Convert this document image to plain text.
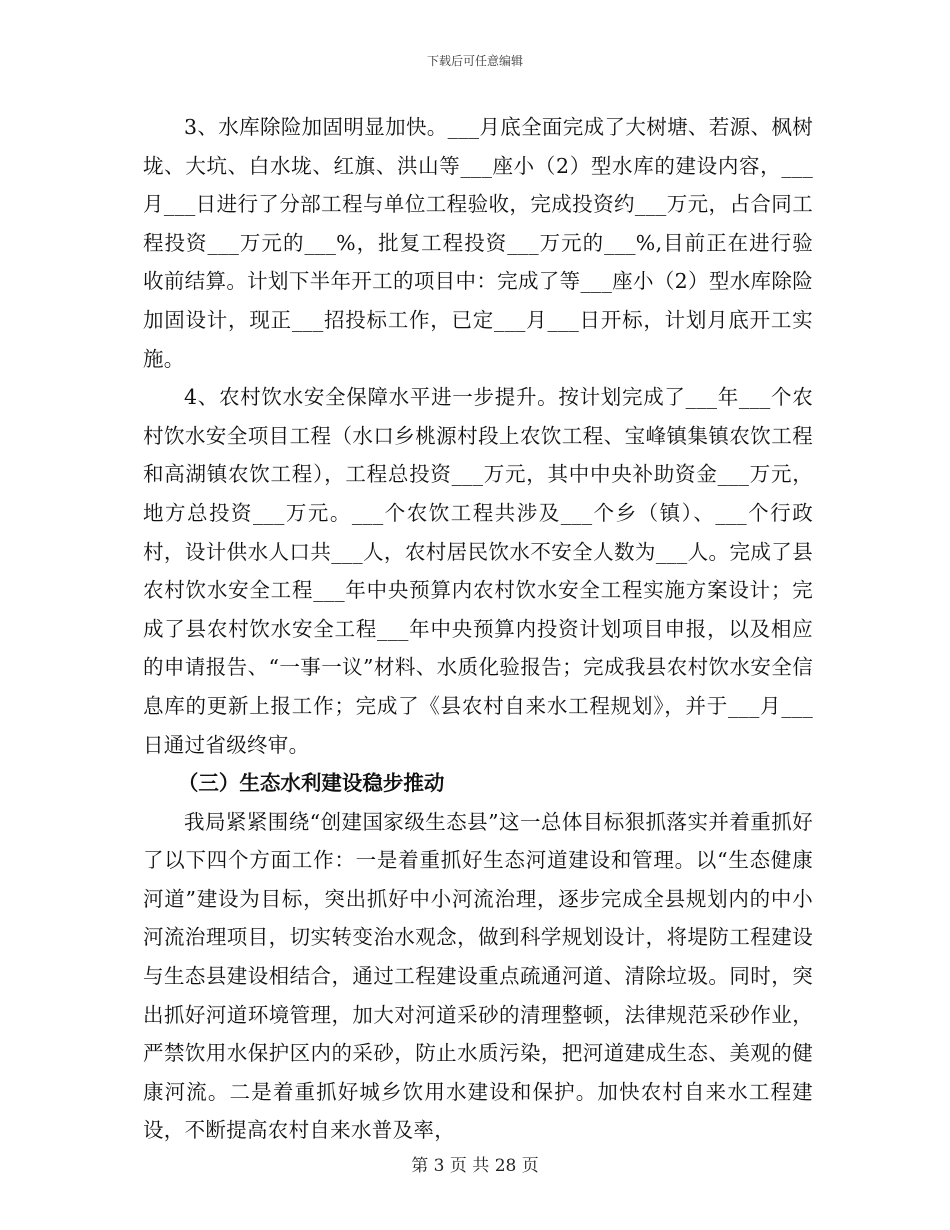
下载后可任意编辑

3、水库除险加固明显加快。___月底全面完成了大树塘、若源、枫树垅、大坑、白水垅、红旗、洪山等___座小（2）型水库的建设内容，___月___日进行了分部工程与单位工程验收，完成投资约___万元，占合同工程投资___万元的___%，批复工程投资___万元的___%,目前正在进行验收前结算。计划下半年开工的项目中：完成了等___座小（2）型水库除险加固设计，现正___招投标工作，已定___月___日开标，计划月底开工实施。

4、农村饮水安全保障水平进一步提升。按计划完成了___年___个农村饮水安全项目工程（水口乡桃源村段上农饮工程、宝峰镇集镇农饮工程和高湖镇农饮工程），工程总投资___万元，其中中央补助资金___万元，地方总投资___万元。___个农饮工程共涉及___个乡（镇）、___个行政村，设计供水人口共___人，农村居民饮水不安全人数为___人。完成了县农村饮水安全工程___年中央预算内农村饮水安全工程实施方案设计；完成了县农村饮水安全工程___年中央预算内投资计划项目申报，以及相应的申请报告、“一事一议”材料、水质化验报告；完成我县农村饮水安全信息库的更新上报工作；完成了《县农村自来水工程规划》，并于___月___日通过省级终审。

（三）生态水利建设稳步推动

我局紧紧围绕“创建国家级生态县”这一总体目标狠抓落实并着重抓好了以下四个方面工作：一是着重抓好生态河道建设和管理。以“生态健康河道”建设为目标，突出抓好中小河流治理，逐步完成全县规划内的中小河流治理项目，切实转变治水观念，做到科学规划设计，将堤防工程建设与生态县建设相结合，通过工程建设重点疏通河道、清除垃圾。同时，突出抓好河道环境管理，加大对河道采砂的清理整顿，法律规范采砂作业，严禁饮用水保护区内的采砂，防止水质污染，把河道建成生态、美观的健康河流。二是着重抓好城乡饮用水建设和保护。加快农村自来水工程建设，不断提高农村自来水普及率，

第 3 页 共 28 页
